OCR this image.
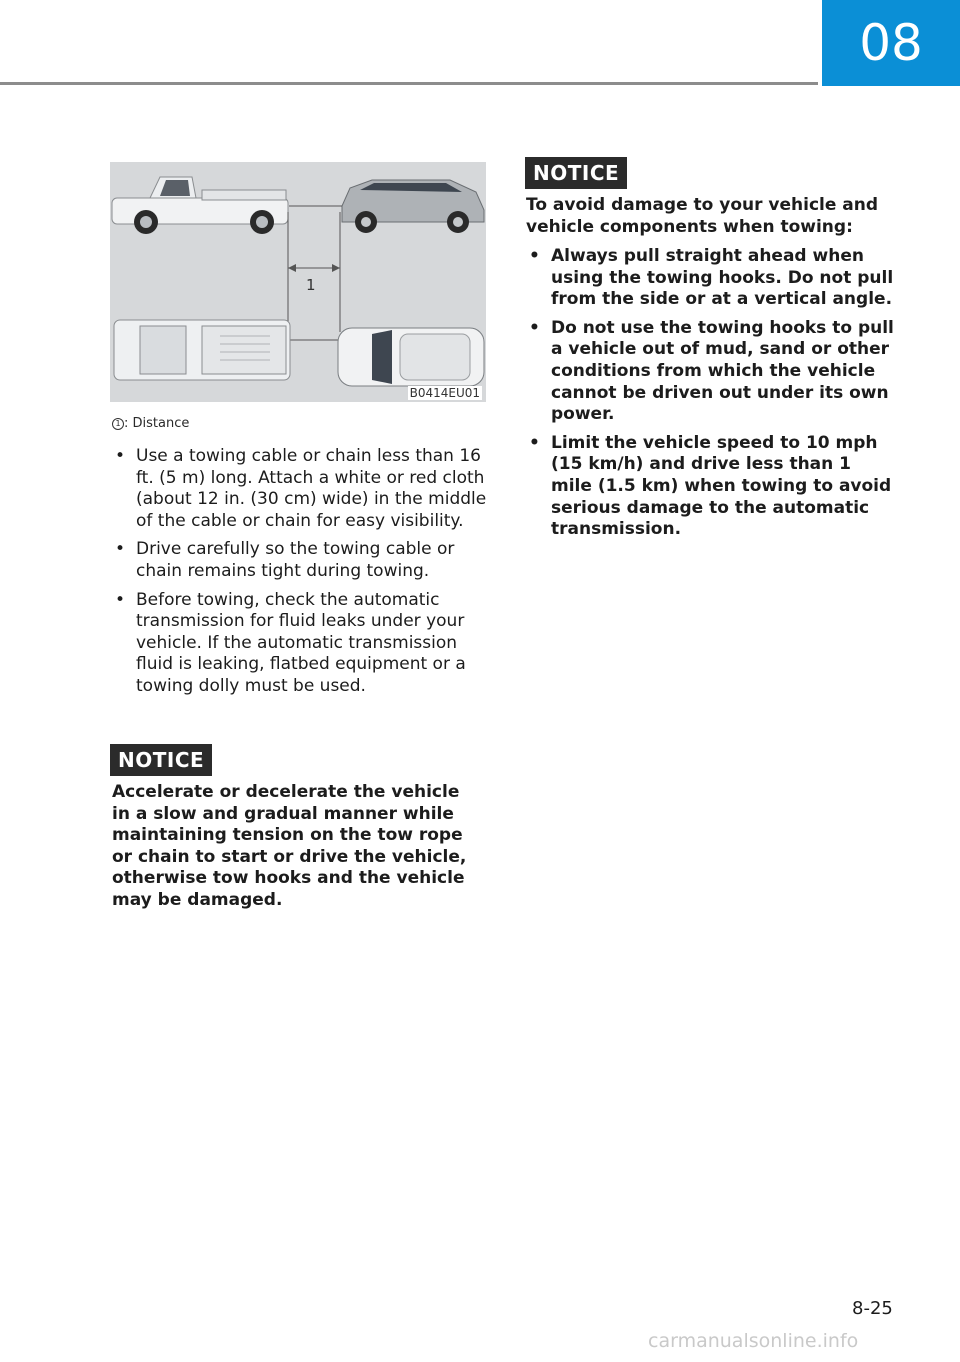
08
1
B0414EU01
1 : Distance
• Use a towing cable or chain less than 16 ft. (5 m) long. Attach a white or red cloth (about 12 in. (30 cm) wide) in the middle of the cable or chain for easy visibility.
• Drive carefully so the towing cable or chain remains tight during towing.
• Before towing, check the automatic transmission for fluid leaks under your vehicle. If the automatic transmission fluid is leaking, flatbed equipment or a towing dolly must be used.
NOTICE
Accelerate or decelerate the vehicle in a slow and gradual manner while maintaining tension on the tow rope or chain to start or drive the vehicle, otherwise tow hooks and the vehicle may be damaged.
NOTICE
To avoid damage to your vehicle and vehicle components when towing:
• Always pull straight ahead when using the towing hooks. Do not pull from the side or at a vertical angle.
• Do not use the towing hooks to pull a vehicle out of mud, sand or other conditions from which the vehicle cannot be driven out under its own power.
• Limit the vehicle speed to 10 mph (15 km/h) and drive less than 1 mile (1.5 km) when towing to avoid serious damage to the automatic transmission.
8-25
carmanualsonline.info
